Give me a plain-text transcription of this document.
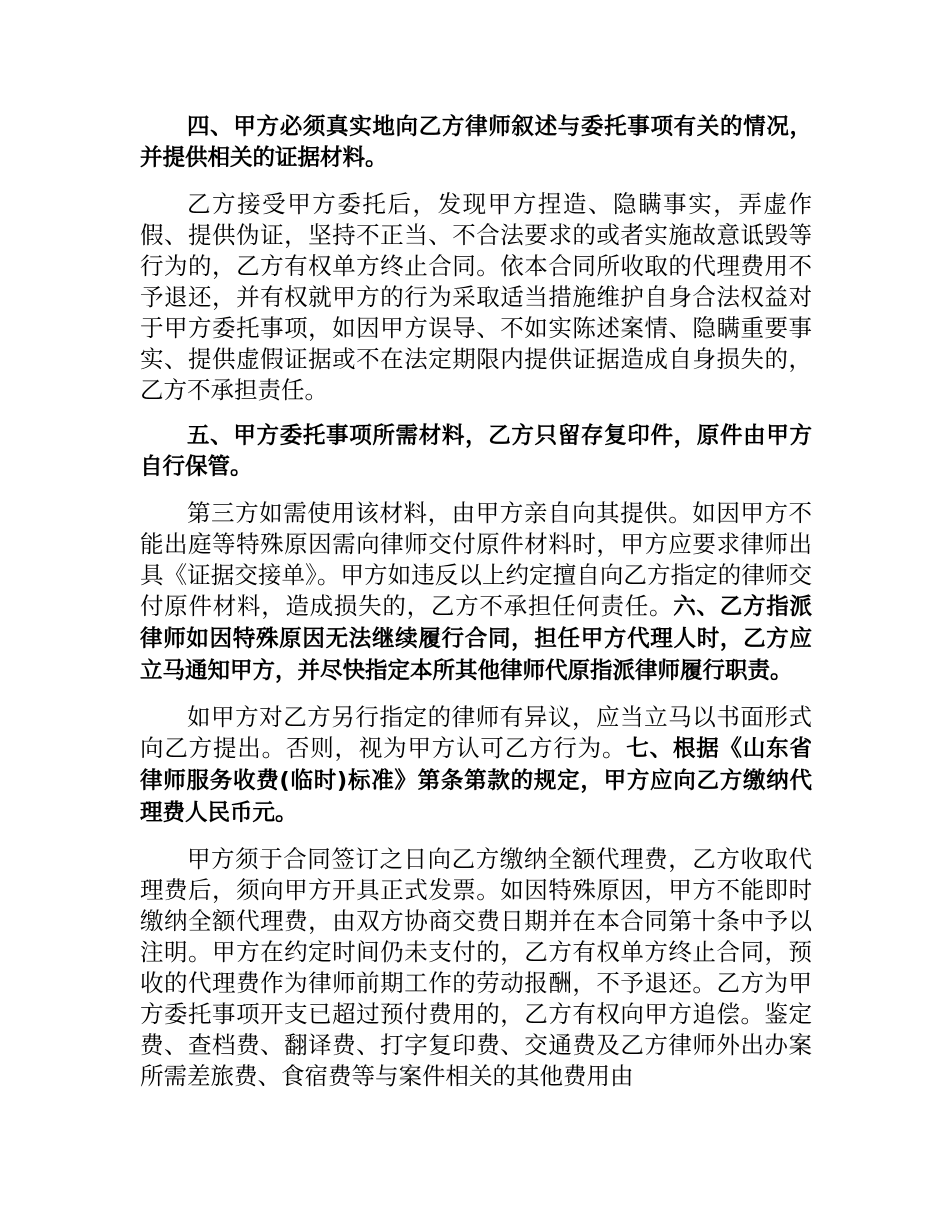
四、甲方必须真实地向乙方律师叙述与委托事项有关的情况，并提供相关的证据材料。

乙方接受甲方委托后，发现甲方捏造、隐瞒事实，弄虚作假、提供伪证，坚持不正当、不合法要求的或者实施故意诋毁等行为的，乙方有权单方终止合同。依本合同所收取的代理费用不予退还，并有权就甲方的行为采取适当措施维护自身合法权益对于甲方委托事项，如因甲方误导、不如实陈述案情、隐瞒重要事实、提供虚假证据或不在法定期限内提供证据造成自身损失的，乙方不承担责任。

五、甲方委托事项所需材料，乙方只留存复印件，原件由甲方自行保管。

第三方如需使用该材料，由甲方亲自向其提供。如因甲方不能出庭等特殊原因需向律师交付原件材料时，甲方应要求律师出具《证据交接单》。甲方如违反以上约定擅自向乙方指定的律师交付原件材料，造成损失的，乙方不承担任何责任。六、乙方指派律师如因特殊原因无法继续履行合同，担任甲方代理人时，乙方应立马通知甲方，并尽快指定本所其他律师代原指派律师履行职责。

如甲方对乙方另行指定的律师有异议，应当立马以书面形式向乙方提出。否则，视为甲方认可乙方行为。七、根据《山东省律师服务收费(临时)标准》第条第款的规定，甲方应向乙方缴纳代理费人民币元。

甲方须于合同签订之日向乙方缴纳全额代理费，乙方收取代理费后，须向甲方开具正式发票。如因特殊原因，甲方不能即时缴纳全额代理费，由双方协商交费日期并在本合同第十条中予以注明。甲方在约定时间仍未支付的，乙方有权单方终止合同，预收的代理费作为律师前期工作的劳动报酬，不予退还。乙方为甲方委托事项开支已超过预付费用的，乙方有权向甲方追偿。鉴定费、查档费、翻译费、打字复印费、交通费及乙方律师外出办案所需差旅费、食宿费等与案件相关的其他费用由
